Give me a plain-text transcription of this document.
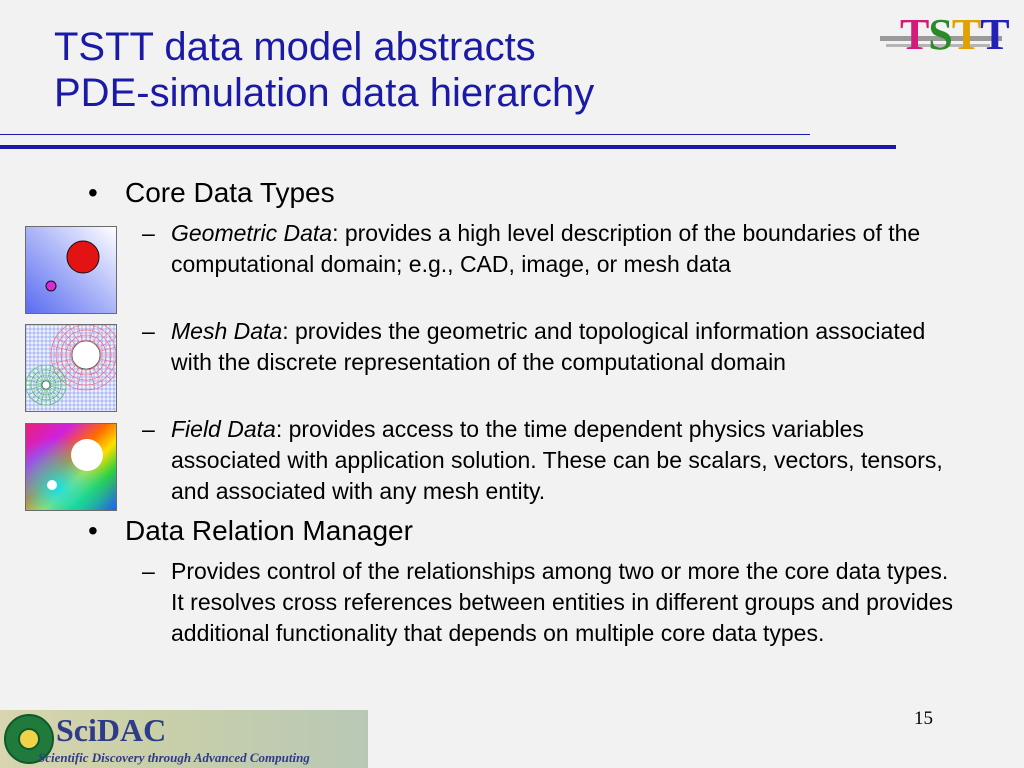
TSTT data model abstracts
PDE-simulation data hierarchy
TSTT
• Core Data Types
– Geometric Data: provides a high level description of the boundaries of the computational domain; e.g., CAD, image, or mesh data
– Mesh Data: provides the geometric and topological information associated with the discrete representation of the computational domain
– Field Data: provides access to the time dependent physics variables associated with application solution. These can be scalars, vectors, tensors, and associated with any mesh entity.
• Data Relation Manager
– Provides control of the relationships among two or more the core data types. It resolves cross references between entities in different groups and provides additional functionality that depends on multiple core data types.
15
SciDAC
Scientific Discovery through Advanced Computing
